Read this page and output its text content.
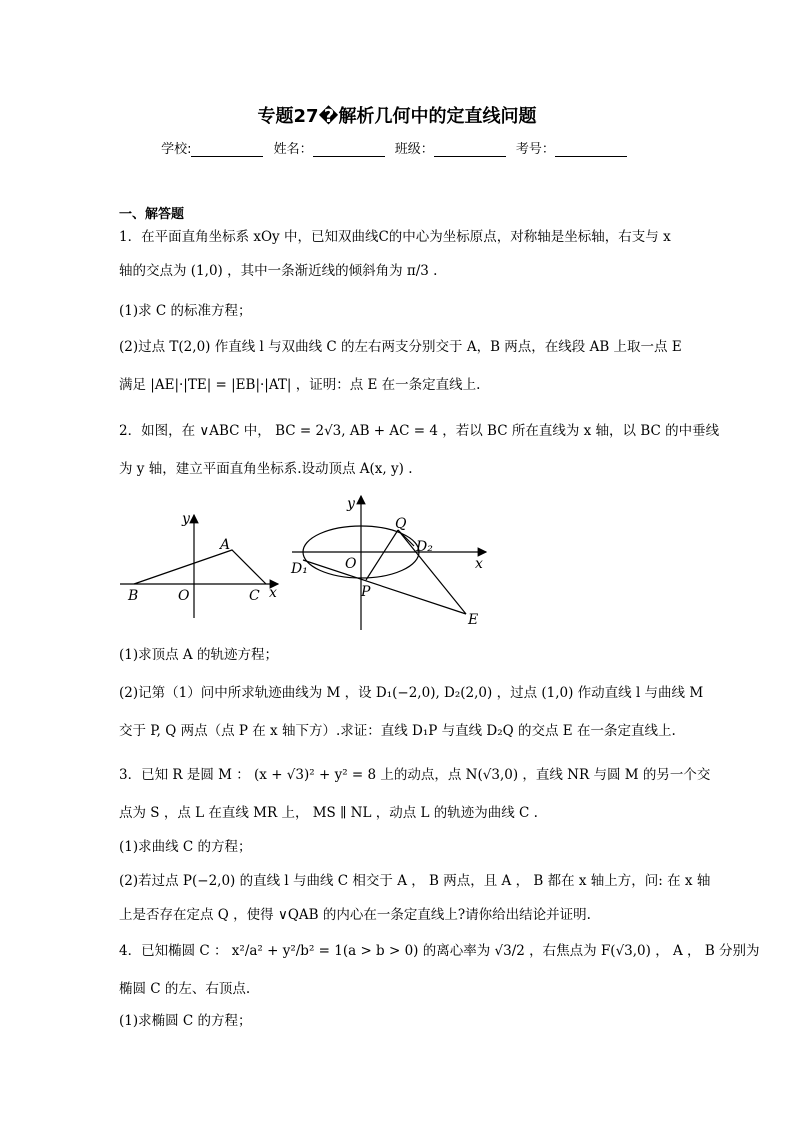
专题27�解析几何中的定直线问题
学校:	姓名：	班级：	考号：
一、解答题
1．在平面直角坐标系 xOy 中，已知双曲线C的中心为坐标原点，对称轴是坐标轴，右支与 x
轴的交点为 (1,0) ，其中一条渐近线的倾斜角为 π/3 .
(1)求 C 的标准方程；
(2)过点 T(2,0) 作直线 l 与双曲线 C 的左右两支分别交于 A，B 两点，在线段 AB 上取一点 E
满足 |AE|·|TE| = |EB|·|AT| ，证明：点 E 在一条定直线上.
2．如图，在 ∨ABC 中， BC = 2√3, AB + AC = 4 ，若以 BC 所在直线为 x 轴，以 BC 的中垂线
为 y 轴，建立平面直角坐标系.设动顶点 A(x, y) .
(1)求顶点 A 的轨迹方程；
(2)记第（1）问中所求轨迹曲线为 M ，设 D₁(−2,0), D₂(2,0) ，过点 (1,0) 作动直线 l 与曲线 M
交于 P, Q 两点（点 P 在 x 轴下方）.求证：直线 D₁P 与直线 D₂Q 的交点 E 在一条定直线上.
3．已知 R 是圆 M ： (x + √3)² + y² = 8 上的动点，点 N(√3,0) ，直线 NR 与圆 M 的另一个交
点为 S ，点 L 在直线 MR 上， MS ∥ NL ，动点 L 的轨迹为曲线 C .
(1)求曲线 C 的方程；
(2)若过点 P(−2,0) 的直线 l 与曲线 C 相交于 A ， B 两点，且 A ， B 都在 x 轴上方，问: 在 x 轴
上是否存在定点 Q ，使得 ∨QAB 的内心在一条定直线上?请你给出结论并证明.
4．已知椭圆 C ： x²/a² + y²/b² = 1(a > b > 0) 的离心率为 √3/2 ，右焦点为 F(√3,0) ， A ， B 分别为
椭圆 C 的左、右顶点.
(1)求椭圆 C 的方程；
y
A
B	O	C x
y
Q
D₂
D₁	O	x
P
E
